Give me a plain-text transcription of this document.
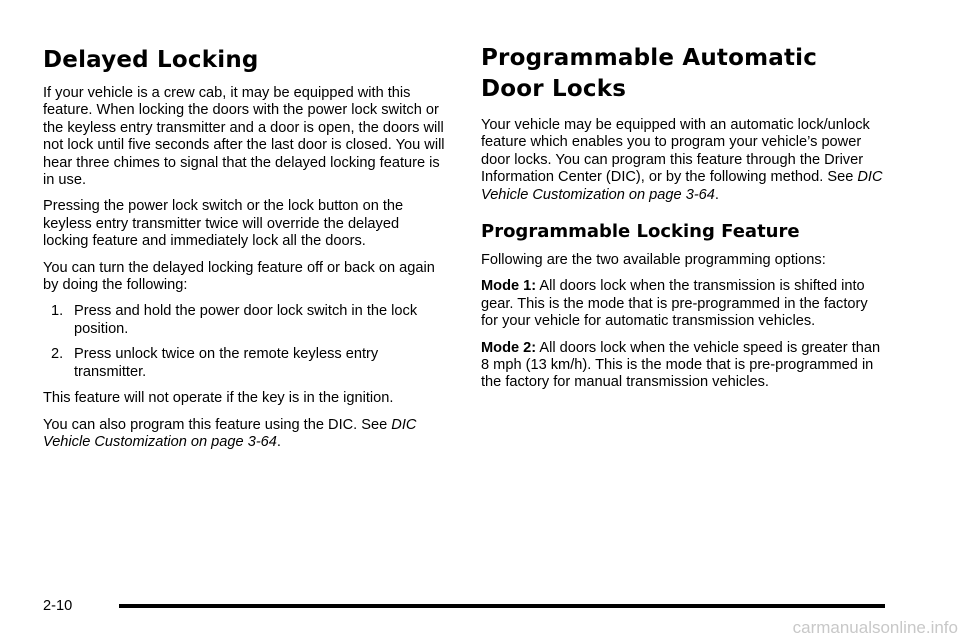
Delayed Locking

If your vehicle is a crew cab, it may be equipped with this feature. When locking the doors with the power lock switch or the keyless entry transmitter and a door is open, the doors will not lock until five seconds after the last door is closed. You will hear three chimes to signal that the delayed locking feature is in use.

Pressing the power lock switch or the lock button on the keyless entry transmitter twice will override the delayed locking feature and immediately lock all the doors.

You can turn the delayed locking feature off or back on again by doing the following:

1. Press and hold the power door lock switch in the lock position.
2. Press unlock twice on the remote keyless entry transmitter.

This feature will not operate if the key is in the ignition.

You can also program this feature using the DIC. See DIC Vehicle Customization on page 3-64.

Programmable Automatic Door Locks

Your vehicle may be equipped with an automatic lock/unlock feature which enables you to program your vehicle’s power door locks. You can program this feature through the Driver Information Center (DIC), or by the following method. See DIC Vehicle Customization on page 3-64.

Programmable Locking Feature

Following are the two available programming options:

Mode 1: All doors lock when the transmission is shifted into gear. This is the mode that is pre-programmed in the factory for your vehicle for automatic transmission vehicles.

Mode 2: All doors lock when the vehicle speed is greater than 8 mph (13 km/h). This is the mode that is pre-programmed in the factory for manual transmission vehicles.

2-10
carmanualsonline.info
